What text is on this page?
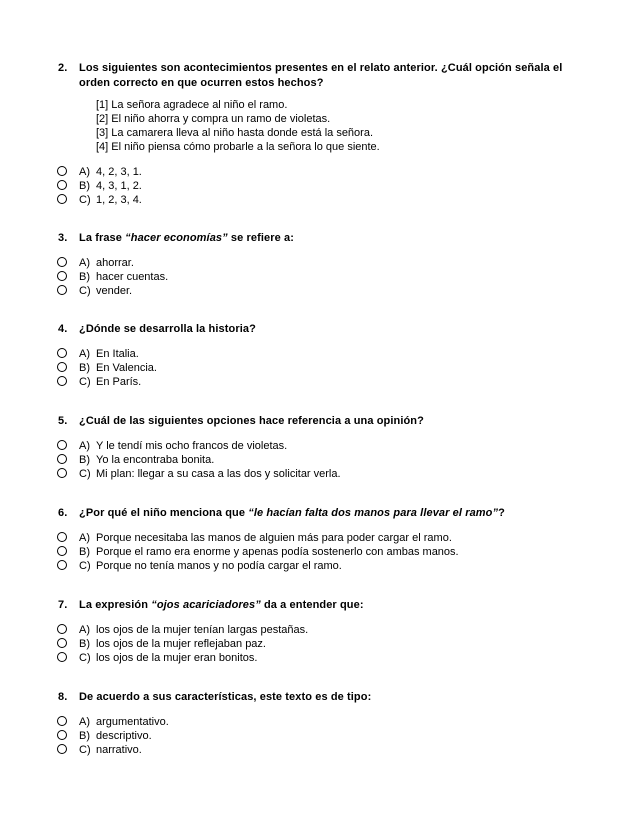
2. Los siguientes son acontecimientos presentes en el relato anterior. ¿Cuál opción señala el
orden correcto en que ocurren estos hechos?
[1] La señora agradece al niño el ramo.
[2] El niño ahorra y compra un ramo de violetas.
[3] La camarera lleva al niño hasta donde está la señora.
[4] El niño piensa cómo probarle a la señora lo que siente.
A) 4, 2, 3, 1.
B) 4, 3, 1, 2.
C) 1, 2, 3, 4.
3. La frase “hacer economías” se refiere a:
A) ahorrar.
B) hacer cuentas.
C) vender.
4. ¿Dónde se desarrolla la historia?
A) En Italia.
B) En Valencia.
C) En París.
5. ¿Cuál de las siguientes opciones hace referencia a una opinión?
A) Y le tendí mis ocho francos de violetas.
B) Yo la encontraba bonita.
C) Mi plan: llegar a su casa a las dos y solicitar verla.
6. ¿Por qué el niño menciona que “le hacían falta dos manos para llevar el ramo”?
A) Porque necesitaba las manos de alguien más para poder cargar el ramo.
B) Porque el ramo era enorme y apenas podía sostenerlo con ambas manos.
C) Porque no tenía manos y no podía cargar el ramo.
7. La expresión “ojos acariciadores” da a entender que:
A) los ojos de la mujer tenían largas pestañas.
B) los ojos de la mujer reflejaban paz.
C) los ojos de la mujer eran bonitos.
8. De acuerdo a sus características, este texto es de tipo:
A) argumentativo.
B) descriptivo.
C) narrativo.
